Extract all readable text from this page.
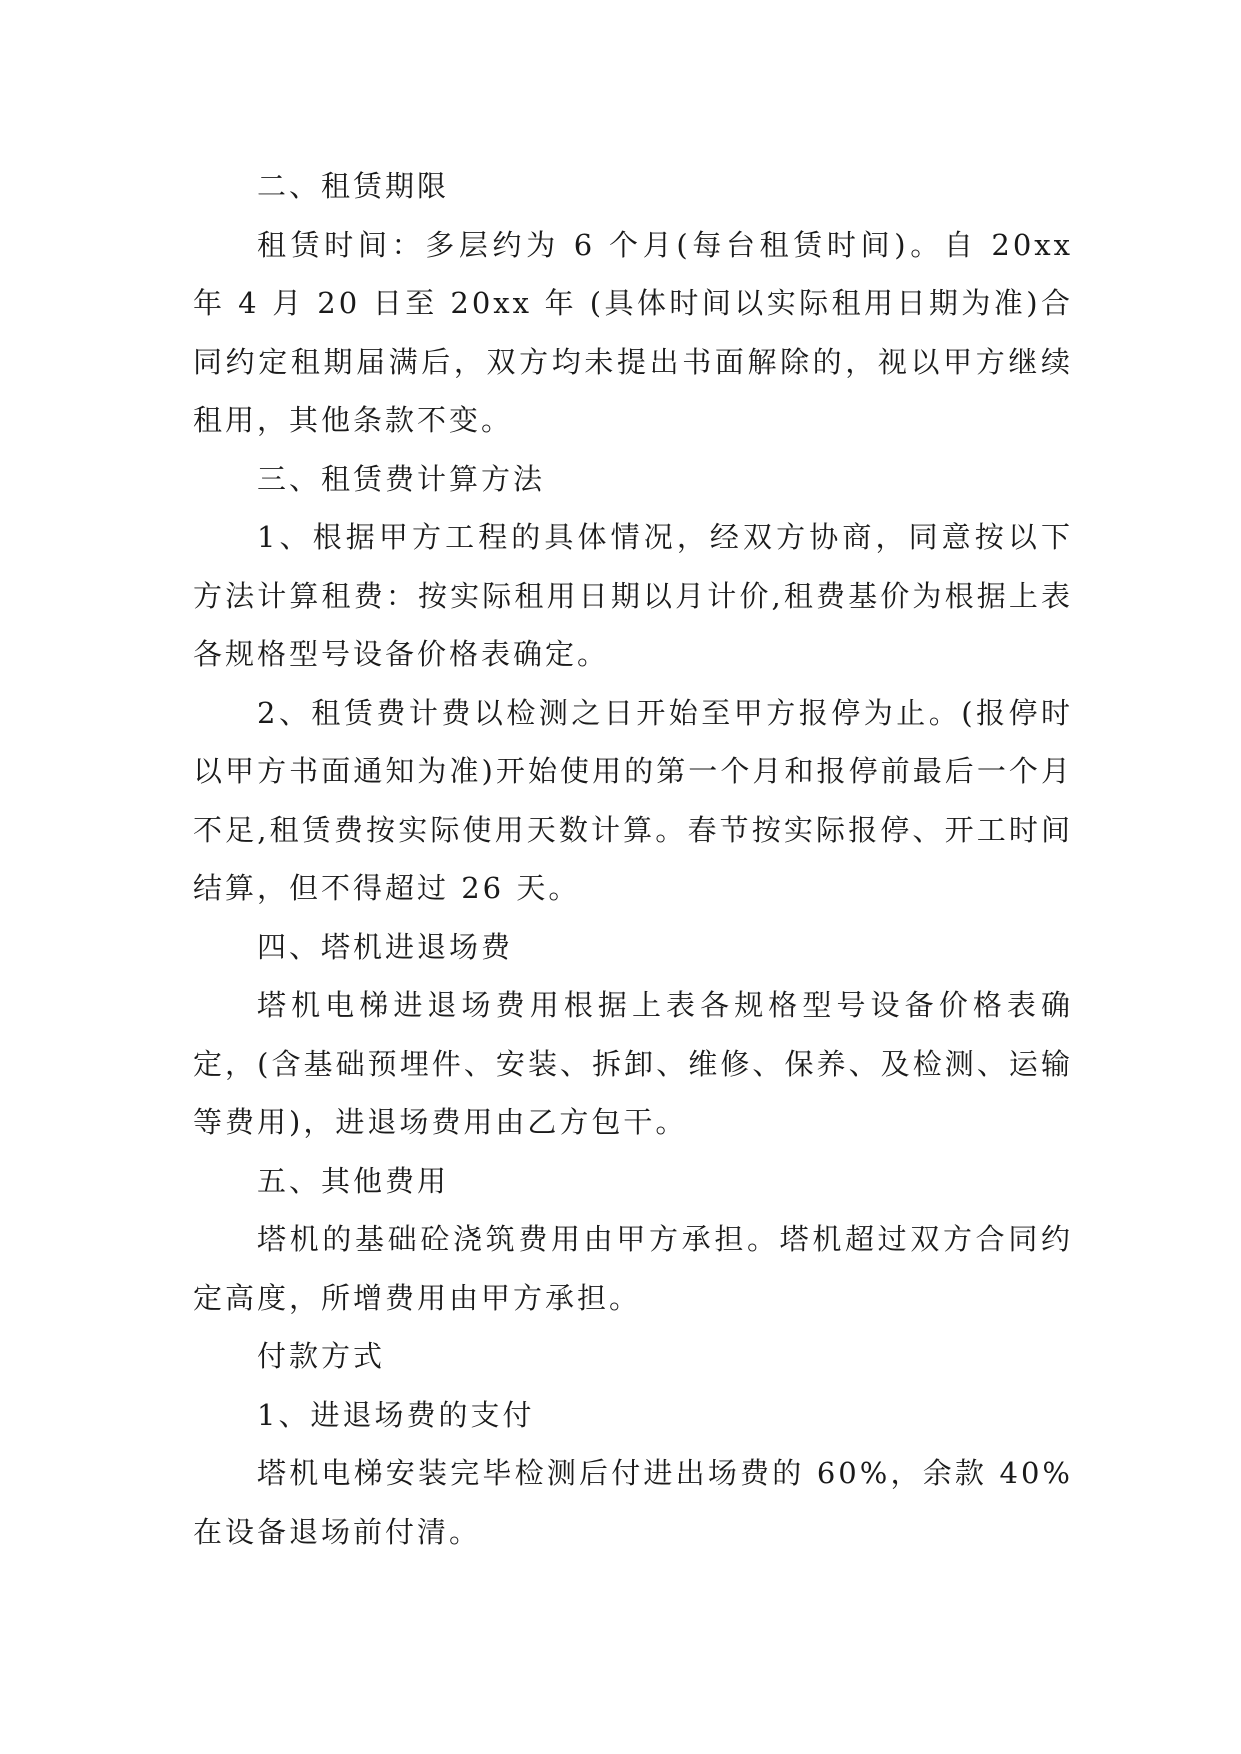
二、租赁期限

租赁时间：多层约为 6 个月(每台租赁时间)。自 20xx 年 4 月 20 日至 20xx 年 (具体时间以实际租用日期为准)合同约定租期届满后，双方均未提出书面解除的，视以甲方继续租用，其他条款不变。

三、租赁费计算方法

1、根据甲方工程的具体情况，经双方协商，同意按以下方法计算租费：按实际租用日期以月计价,租费基价为根据上表各规格型号设备价格表确定。

2、租赁费计费以检测之日开始至甲方报停为止。(报停时以甲方书面通知为准)开始使用的第一个月和报停前最后一个月不足,租赁费按实际使用天数计算。春节按实际报停、开工时间结算，但不得超过 26 天。

四、塔机进退场费

塔机电梯进退场费用根据上表各规格型号设备价格表确定，(含基础预埋件、安装、拆卸、维修、保养、及检测、运输等费用)，进退场费用由乙方包干。

五、其他费用

塔机的基础砼浇筑费用由甲方承担。塔机超过双方合同约定高度，所增费用由甲方承担。

付款方式

1、进退场费的支付

塔机电梯安装完毕检测后付进出场费的 60%，余款 40%在设备退场前付清。
